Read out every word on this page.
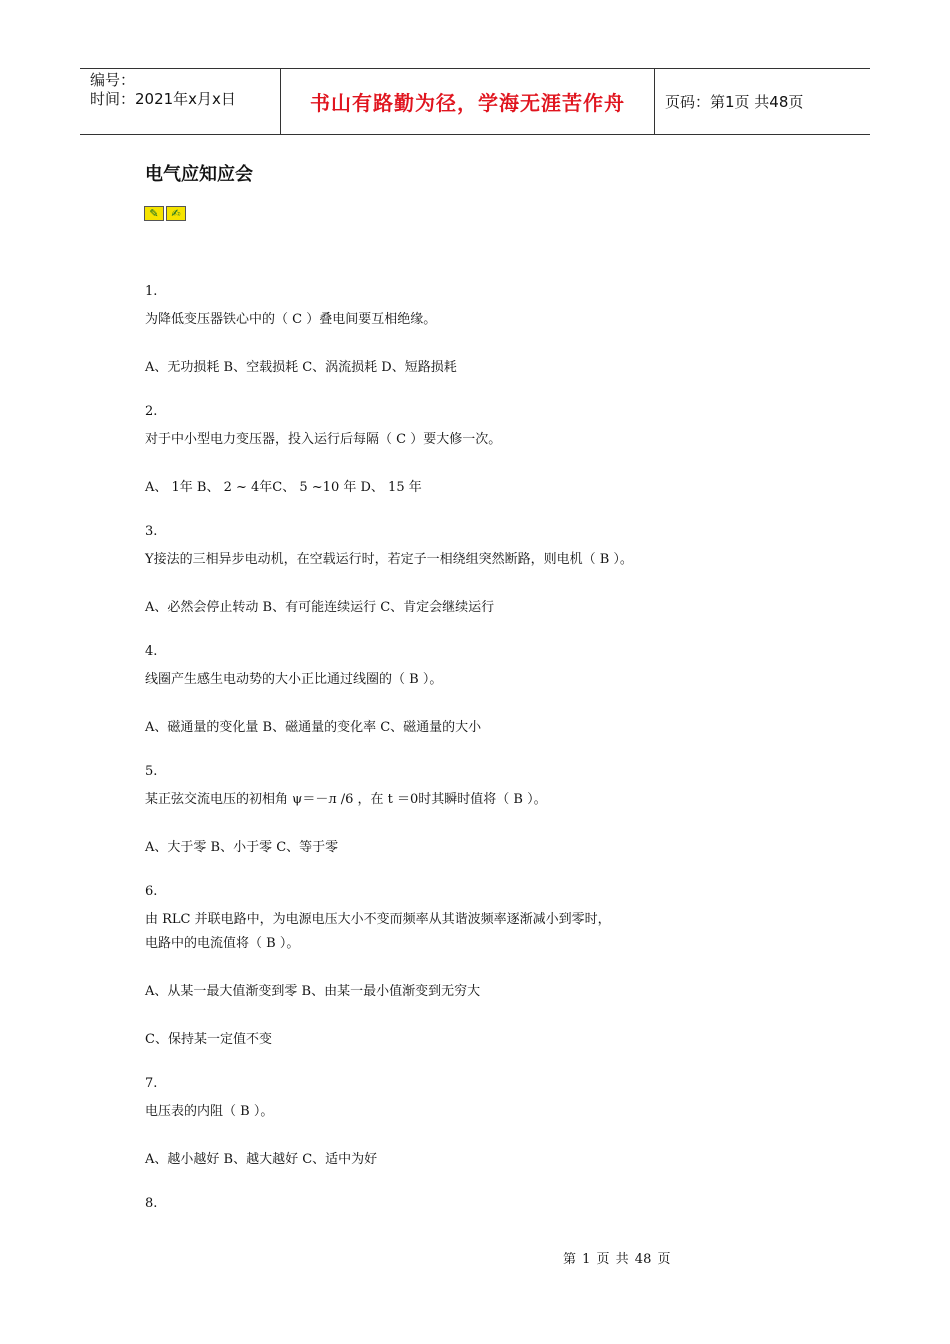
编号：
时间：2021年x月x日	书山有路勤为径，学海无涯苦作舟	页码：第1页 共48页
电气应知应会
✎	✍
1.
为降低变压器铁心中的（ C ）叠电间要互相绝缘。
A、无功损耗 B、空载损耗 C、涡流损耗 D、短路损耗
2.
对于中小型电力变压器，投入运行后每隔（ C ）要大修一次。
A、 1年 B、 2 ~ 4年C、 5 ~10 年 D、 15 年
3.
Y接法的三相异步电动机，在空载运行时，若定子一相绕组突然断路，则电机（ B ）。
A、必然会停止转动 B、有可能连续运行 C、肯定会继续运行
4.
线圈产生感生电动势的大小正比通过线圈的（ B ）。
A、磁通量的变化量 B、磁通量的变化率 C、磁通量的大小
5.
某正弦交流电压的初相角 ψ＝－л /6 ，在 t ＝0时其瞬时值将（ B ）。
A、大于零 B、小于零 C、等于零
6.
由 RLC 并联电路中，为电源电压大小不变而频率从其谐波频率逐渐减小到零时，
电路中的电流值将（ B ）。
A、从某一最大值渐变到零 B、由某一最小值渐变到无穷大
C、保持某一定值不变
7.
电压表的内阻（ B ）。
A、越小越好 B、越大越好 C、适中为好
8.
第 1 页 共 48 页
